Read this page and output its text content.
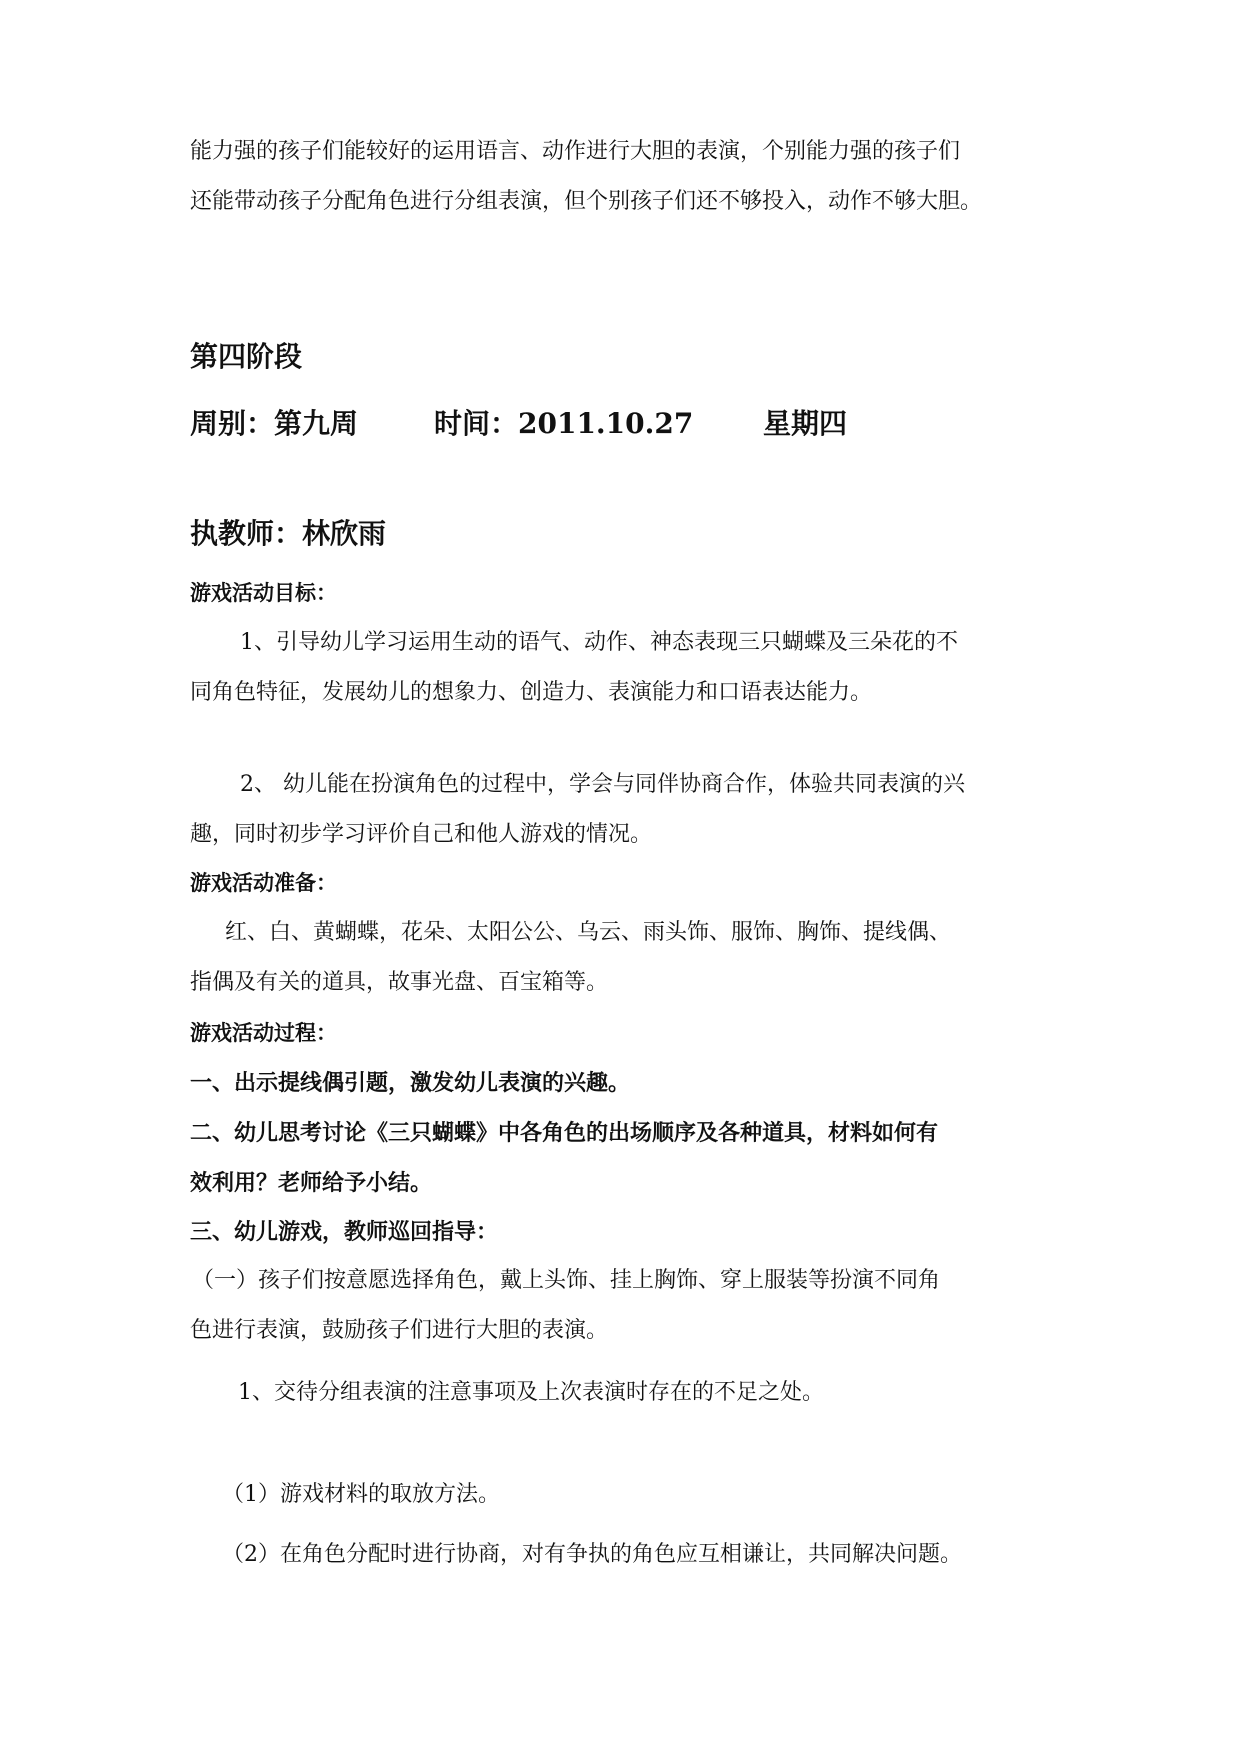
能力强的孩子们能较好的运用语言、动作进行大胆的表演，个别能力强的孩子们
还能带动孩子分配角色进行分组表演，但个别孩子们还不够投入，动作不够大胆。
第四阶段
周别：第九周	时间：2011.10.27 星期四
执教师：林欣雨
游戏活动目标：
1、引导幼儿学习运用生动的语气、动作、神态表现三只蝴蝶及三朵花的不
同角色特征，发展幼儿的想象力、创造力、表演能力和口语表达能力。
2、 幼儿能在扮演角色的过程中，学会与同伴协商合作，体验共同表演的兴
趣，同时初步学习评价自己和他人游戏的情况。
游戏活动准备：
红、白、黄蝴蝶，花朵、太阳公公、乌云、雨头饰、服饰、胸饰、提线偶、
指偶及有关的道具，故事光盘、百宝箱等。
游戏活动过程：
一、出示提线偶引题，激发幼儿表演的兴趣。
二、幼儿思考讨论《三只蝴蝶》中各角色的出场顺序及各种道具，材料如何有
效利用？老师给予小结。
三、幼儿游戏，教师巡回指导：
（一）孩子们按意愿选择角色，戴上头饰、挂上胸饰、穿上服装等扮演不同角
色进行表演，鼓励孩子们进行大胆的表演。
1、交待分组表演的注意事项及上次表演时存在的不足之处。
（1）游戏材料的取放方法。
（2）在角色分配时进行协商，对有争执的角色应互相谦让，共同解决问题。
